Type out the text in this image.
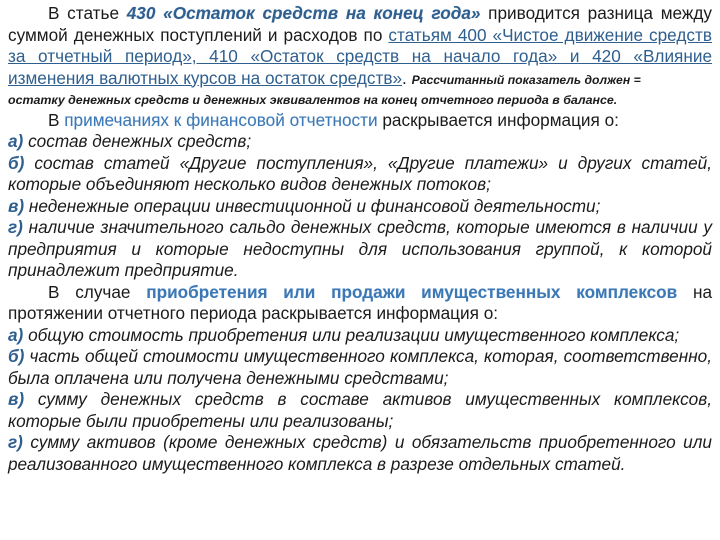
В статье 430 «Остаток средств на конец года» приводится разница между суммой денежных поступлений и расходов по статьям 400 «Чистое движение средств за отчетный период», 410 «Остаток средств на начало года» и 420 «Влияние изменения валютных курсов на остаток средств». Рассчитанный показатель должен =

остатку денежных средств и денежных эквивалентов на конец отчетного периода в балансе.

В примечаниях к финансовой отчетности раскрывается информация о:

а) состав денежных средств;

б) состав статей «Другие поступления», «Другие платежи» и других статей, которые объединяют несколько видов денежных потоков;

в) неденежные операции инвестиционной и финансовой деятельности;

г) наличие значительного сальдо денежных средств, которые имеются в наличии у предприятия и которые недоступны для использования группой, к которой принадлежит предприятие.

В случае приобретения или продажи имущественных комплексов на протяжении отчетного периода раскрывается информация о:

а) общую стоимость приобретения или реализации имущественного комплекса;

б) часть общей стоимости имущественного комплекса, которая, соответственно, была оплачена или получена денежными средствами;

в) сумму денежных средств в составе активов имущественных комплексов, которые были приобретены или реализованы;

г) сумму активов (кроме денежных средств) и обязательств приобретенного или реализованного имущественного комплекса в разрезе отдельных статей.
